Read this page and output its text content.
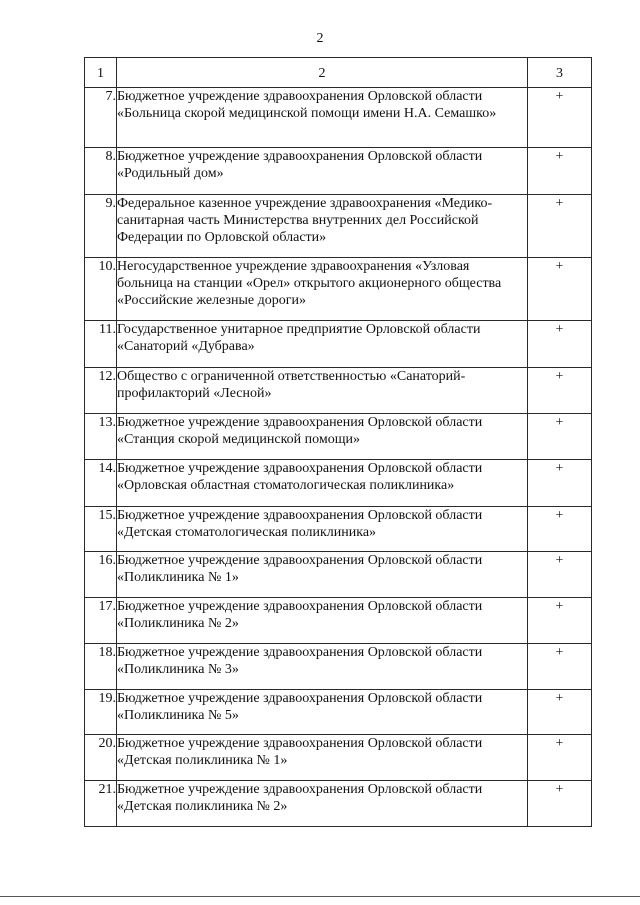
2
1	2	3
7.	Бюджетное учреждение здравоохранения Орловской области «Больница скорой медицинской помощи имени Н.А. Семашко»	+
8.	Бюджетное учреждение здравоохранения Орловской области «Родильный дом»	+
9.	Федеральное казенное учреждение здравоохранения «Медико-санитарная часть Министерства внутренних дел Российской Федерации по Орловской области»	+
10.	Негосударственное учреждение здравоохранения «Узловая больница на станции «Орел» открытого акционерного общества «Российские железные дороги»	+
11.	Государственное унитарное предприятие Орловской области «Санаторий «Дубрава»	+
12.	Общество с ограниченной ответственностью «Санаторий-профилакторий «Лесной»	+
13.	Бюджетное учреждение здравоохранения Орловской области «Станция скорой медицинской помощи»	+
14.	Бюджетное учреждение здравоохранения Орловской области «Орловская областная стоматологическая поликлиника»	+
15.	Бюджетное учреждение здравоохранения Орловской области «Детская стоматологическая поликлиника»	+
16.	Бюджетное учреждение здравоохранения Орловской области «Поликлиника № 1»	+
17.	Бюджетное учреждение здравоохранения Орловской области «Поликлиника № 2»	+
18.	Бюджетное учреждение здравоохранения Орловской области «Поликлиника № 3»	+
19.	Бюджетное учреждение здравоохранения Орловской области «Поликлиника № 5»	+
20.	Бюджетное учреждение здравоохранения Орловской области «Детская поликлиника № 1»	+
21.	Бюджетное учреждение здравоохранения Орловской области «Детская поликлиника № 2»	+
